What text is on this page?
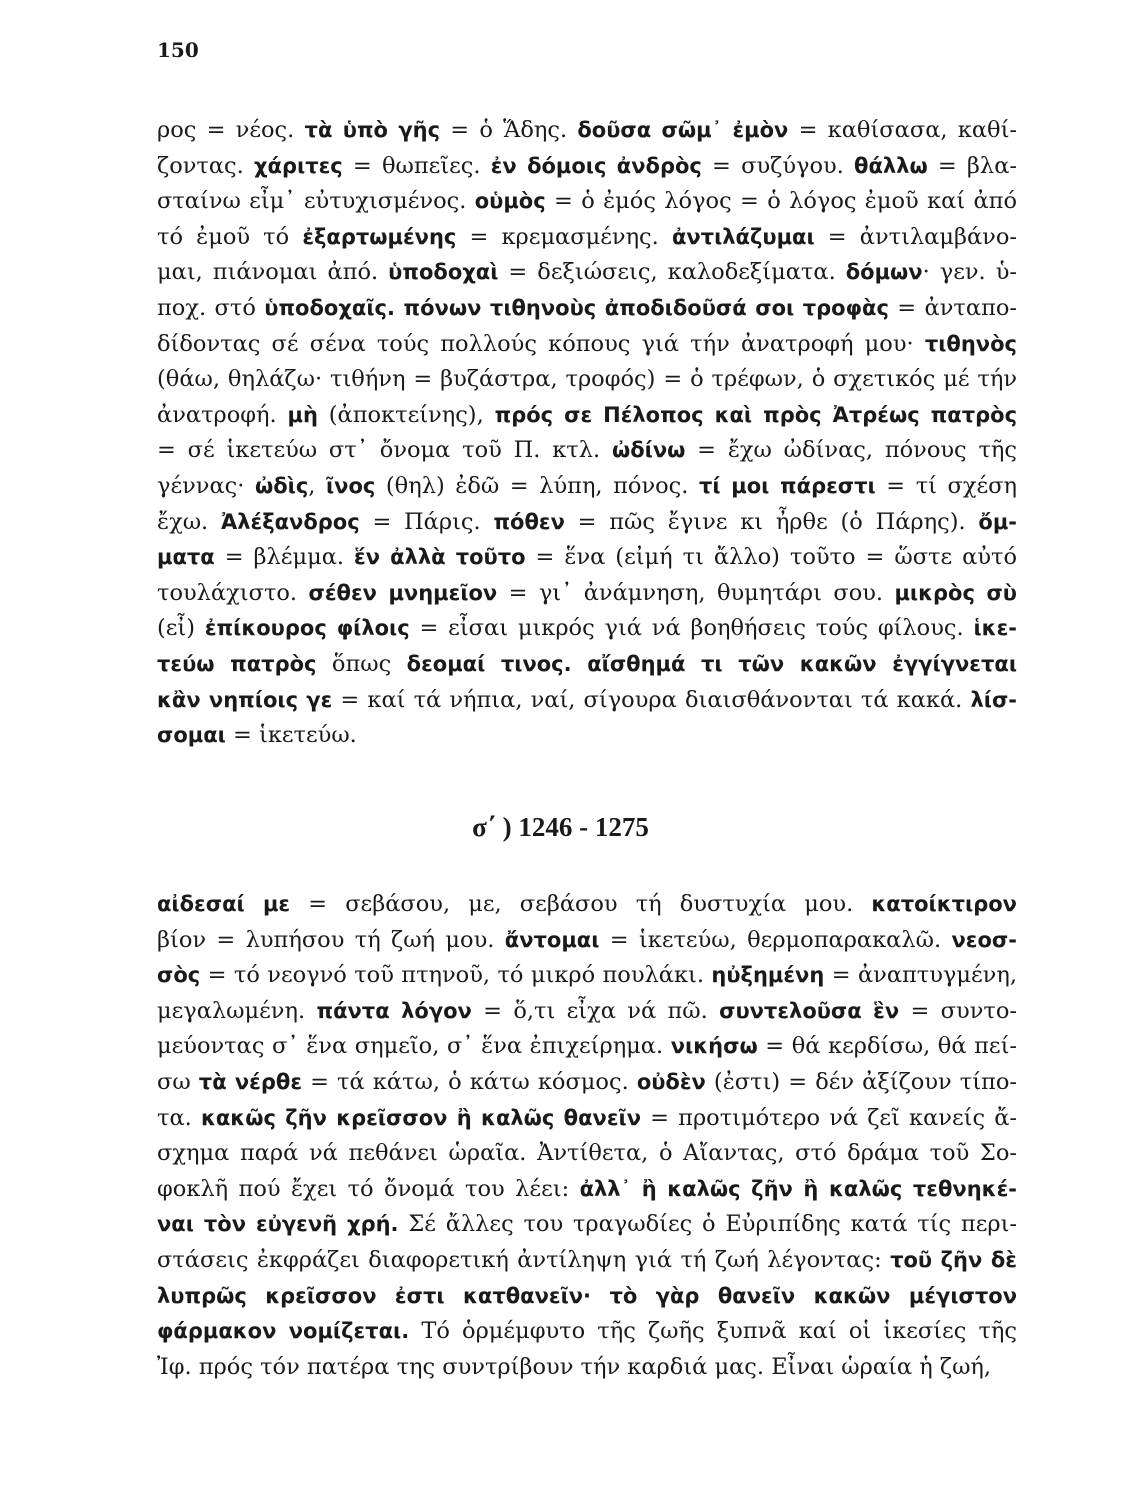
150
ρος = νέος. τὰ ὑπὸ γῆς = ὁ Ἅδης. δοῦσα σῶμ᾽ ἐμὸν = καθίσασα, καθί-
ζοντας. χάριτες = θωπεῖες. ἐν δόμοις ἀνδρὸς = συζύγου. θάλλω = βλα-
σταίνω εἶμ᾽ εὐτυχισμένος. οὑμὸς = ὁ ἐμός λόγος = ὁ λόγος ἐμοῦ καί ἀπό
τό ἐμοῦ τό ἐξαρτωμένης = κρεμασμένης. ἀντιλάζυμαι = ἀντιλαμβάνο-
μαι, πιάνομαι ἀπό. ὑποδοχαὶ = δεξιώσεις, καλοδεξίματα. δόμων· γεν. ὑ-
ποχ. στό ὑποδοχαῖς. πόνων τιθηνοὺς ἀποδιδοῦσά σοι τροφὰς = ἀνταπο-
δίδοντας σέ σένα τούς πολλούς κόπους γιά τήν ἀνατροφή μου· τιθηνὸς
(θάω, θηλάζω· τιθήνη = βυζάστρα, τροφός) = ὁ τρέφων, ὁ σχετικός μέ τήν
ἀνατροφή. μὴ (ἀποκτείνης), πρός σε Πέλοπος καὶ πρὸς Ἀτρέως πατρὸς
= σέ ἱκετεύω στ᾽ ὄνομα τοῦ Π. κτλ. ὠδίνω = ἔχω ὠδίνας, πόνους τῆς
γέννας· ὠδὶς, ῖνος (θηλ) ἐδῶ = λύπη, πόνος. τί μοι πάρεστι = τί σχέση
ἔχω. Ἀλέξανδρος = Πάρις. πόθεν = πῶς ἔγινε κι ἦρθε (ὁ Πάρης). ὄμ-
ματα = βλέμμα. ἕν ἀλλὰ τοῦτο = ἕνα (εἰμή τι ἄλλο) τοῦτο = ὥστε αὐτό
τουλάχιστο. σέθεν μνημεῖον = γι᾽ ἀνάμνηση, θυμητάρι σου. μικρὸς σὺ
(εἶ) ἐπίκουρος φίλοις = εἶσαι μικρός γιά νά βοηθήσεις τούς φίλους. ἱκε-
τεύω πατρὸς ὅπως δεομαί τινος. αἴσθημά τι τῶν κακῶν ἐγγίγνεται
κἂν νηπίοις γε = καί τά νήπια, ναί, σίγουρα διαισθάνονται τά κακά. λίσ-
σομαι = ἱκετεύω.
σ΄ ) 1246 - 1275
αἰδεσαί με = σεβάσου, με, σεβάσου τή δυστυχία μου. κατοίκτιρον
βίον = λυπήσου τή ζωή μου. ἄντομαι = ἱκετεύω, θερμοπαρακαλῶ. νεοσ-
σὸς = τό νεογνό τοῦ πτηνοῦ, τό μικρό πουλάκι. ηὐξημένη = ἀναπτυγμένη,
μεγαλωμένη. πάντα λόγον = ὅ,τι εἶχα νά πῶ. συντελοῦσα ἓν = συντο-
μεύοντας σ᾽ ἕνα σημεῖο, σ᾽ ἕνα ἐπιχείρημα. νικήσω = θά κερδίσω, θά πεί-
σω τὰ νέρθε = τά κάτω, ὁ κάτω κόσμος. οὐδὲν (ἐστι) = δέν ἀξίζουν τίπο-
τα. κακῶς ζῆν κρεῖσσον ἢ καλῶς θανεῖν = προτιμότερο νά ζεῖ κανείς ἄ-
σχημα παρά νά πεθάνει ὡραῖα. Ἀντίθετα, ὁ Αἴαντας, στό δράμα τοῦ Σο-
φοκλῆ πού ἔχει τό ὄνομά του λέει: ἀλλ᾽ ἢ καλῶς ζῆν ἢ καλῶς τεθνηκέ-
ναι τὸν εὐγενῆ χρή. Σέ ἄλλες του τραγωδίες ὁ Εὐριπίδης κατά τίς περι-
στάσεις ἐκφράζει διαφορετική ἀντίληψη γιά τή ζωή λέγοντας: τοῦ ζῆν δὲ
λυπρῶς κρεῖσσον ἐστι κατθανεῖν· τὸ γὰρ θανεῖν κακῶν μέγιστον
φάρμακον νομίζεται. Τό ὁρμέμφυτο τῆς ζωῆς ξυπνᾶ καί οἱ ἱκεσίες τῆς
Ἰφ. πρός τόν πατέρα της συντρίβουν τήν καρδιά μας. Εἶναι ὡραία ἡ ζωή,
